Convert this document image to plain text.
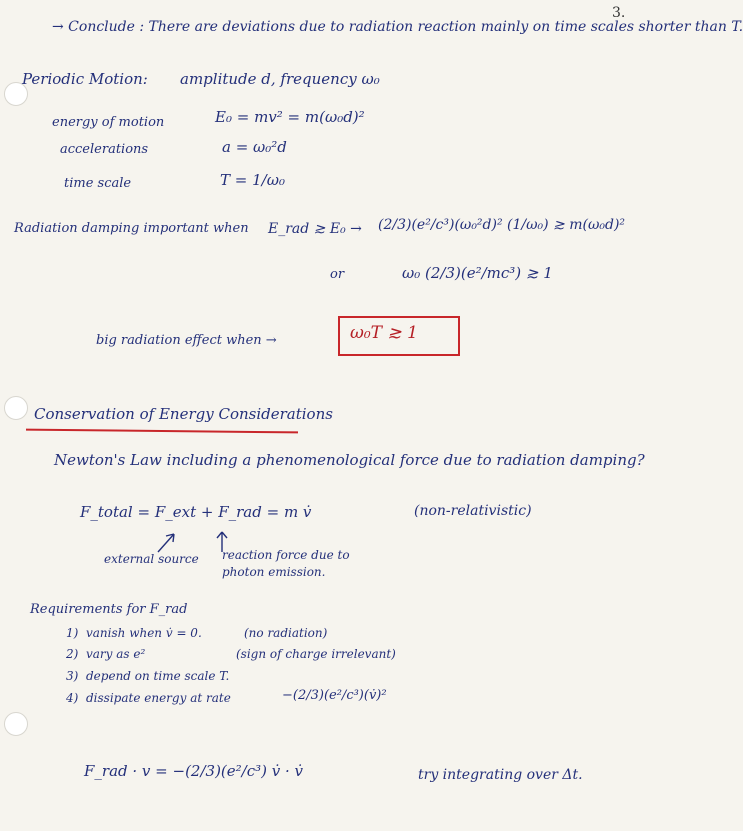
3.
→ Conclude : There are deviations due to radiation reaction mainly on time scales shorter than T.
Periodic Motion: amplitude d, frequency ω₀
energy of motion	E₀ = mv² = m(ω₀d)²
accelerations	a = ω₀²d
time scale	T = 1/ω₀
Radiation damping important when E_rad ≳ E₀ → (2/3)(e²/c³)(ω₀²d)² (1/ω₀) ≳ m(ω₀d)²
or	ω₀ (2/3)(e²/mc³) ≳ 1
big radiation effect when →	ω₀T ≳ 1
Conservation of Energy Considerations
Newton's Law including a phenomenological force due to radiation damping?
F_total = F_ext + F_rad = m v̇	(non-relativistic)
external source reaction force due to
photon emission.
Requirements for F_rad
1) vanish when v̇ = 0.	(no radiation)
2) vary as e²	(sign of charge irrelevant)
3) depend on time scale T.
4) dissipate energy at rate	−(2/3)(e²/c³)(v̇)²
F_rad · v = −(2/3)(e²/c³) v̇ · v̇	try integrating over Δt.
